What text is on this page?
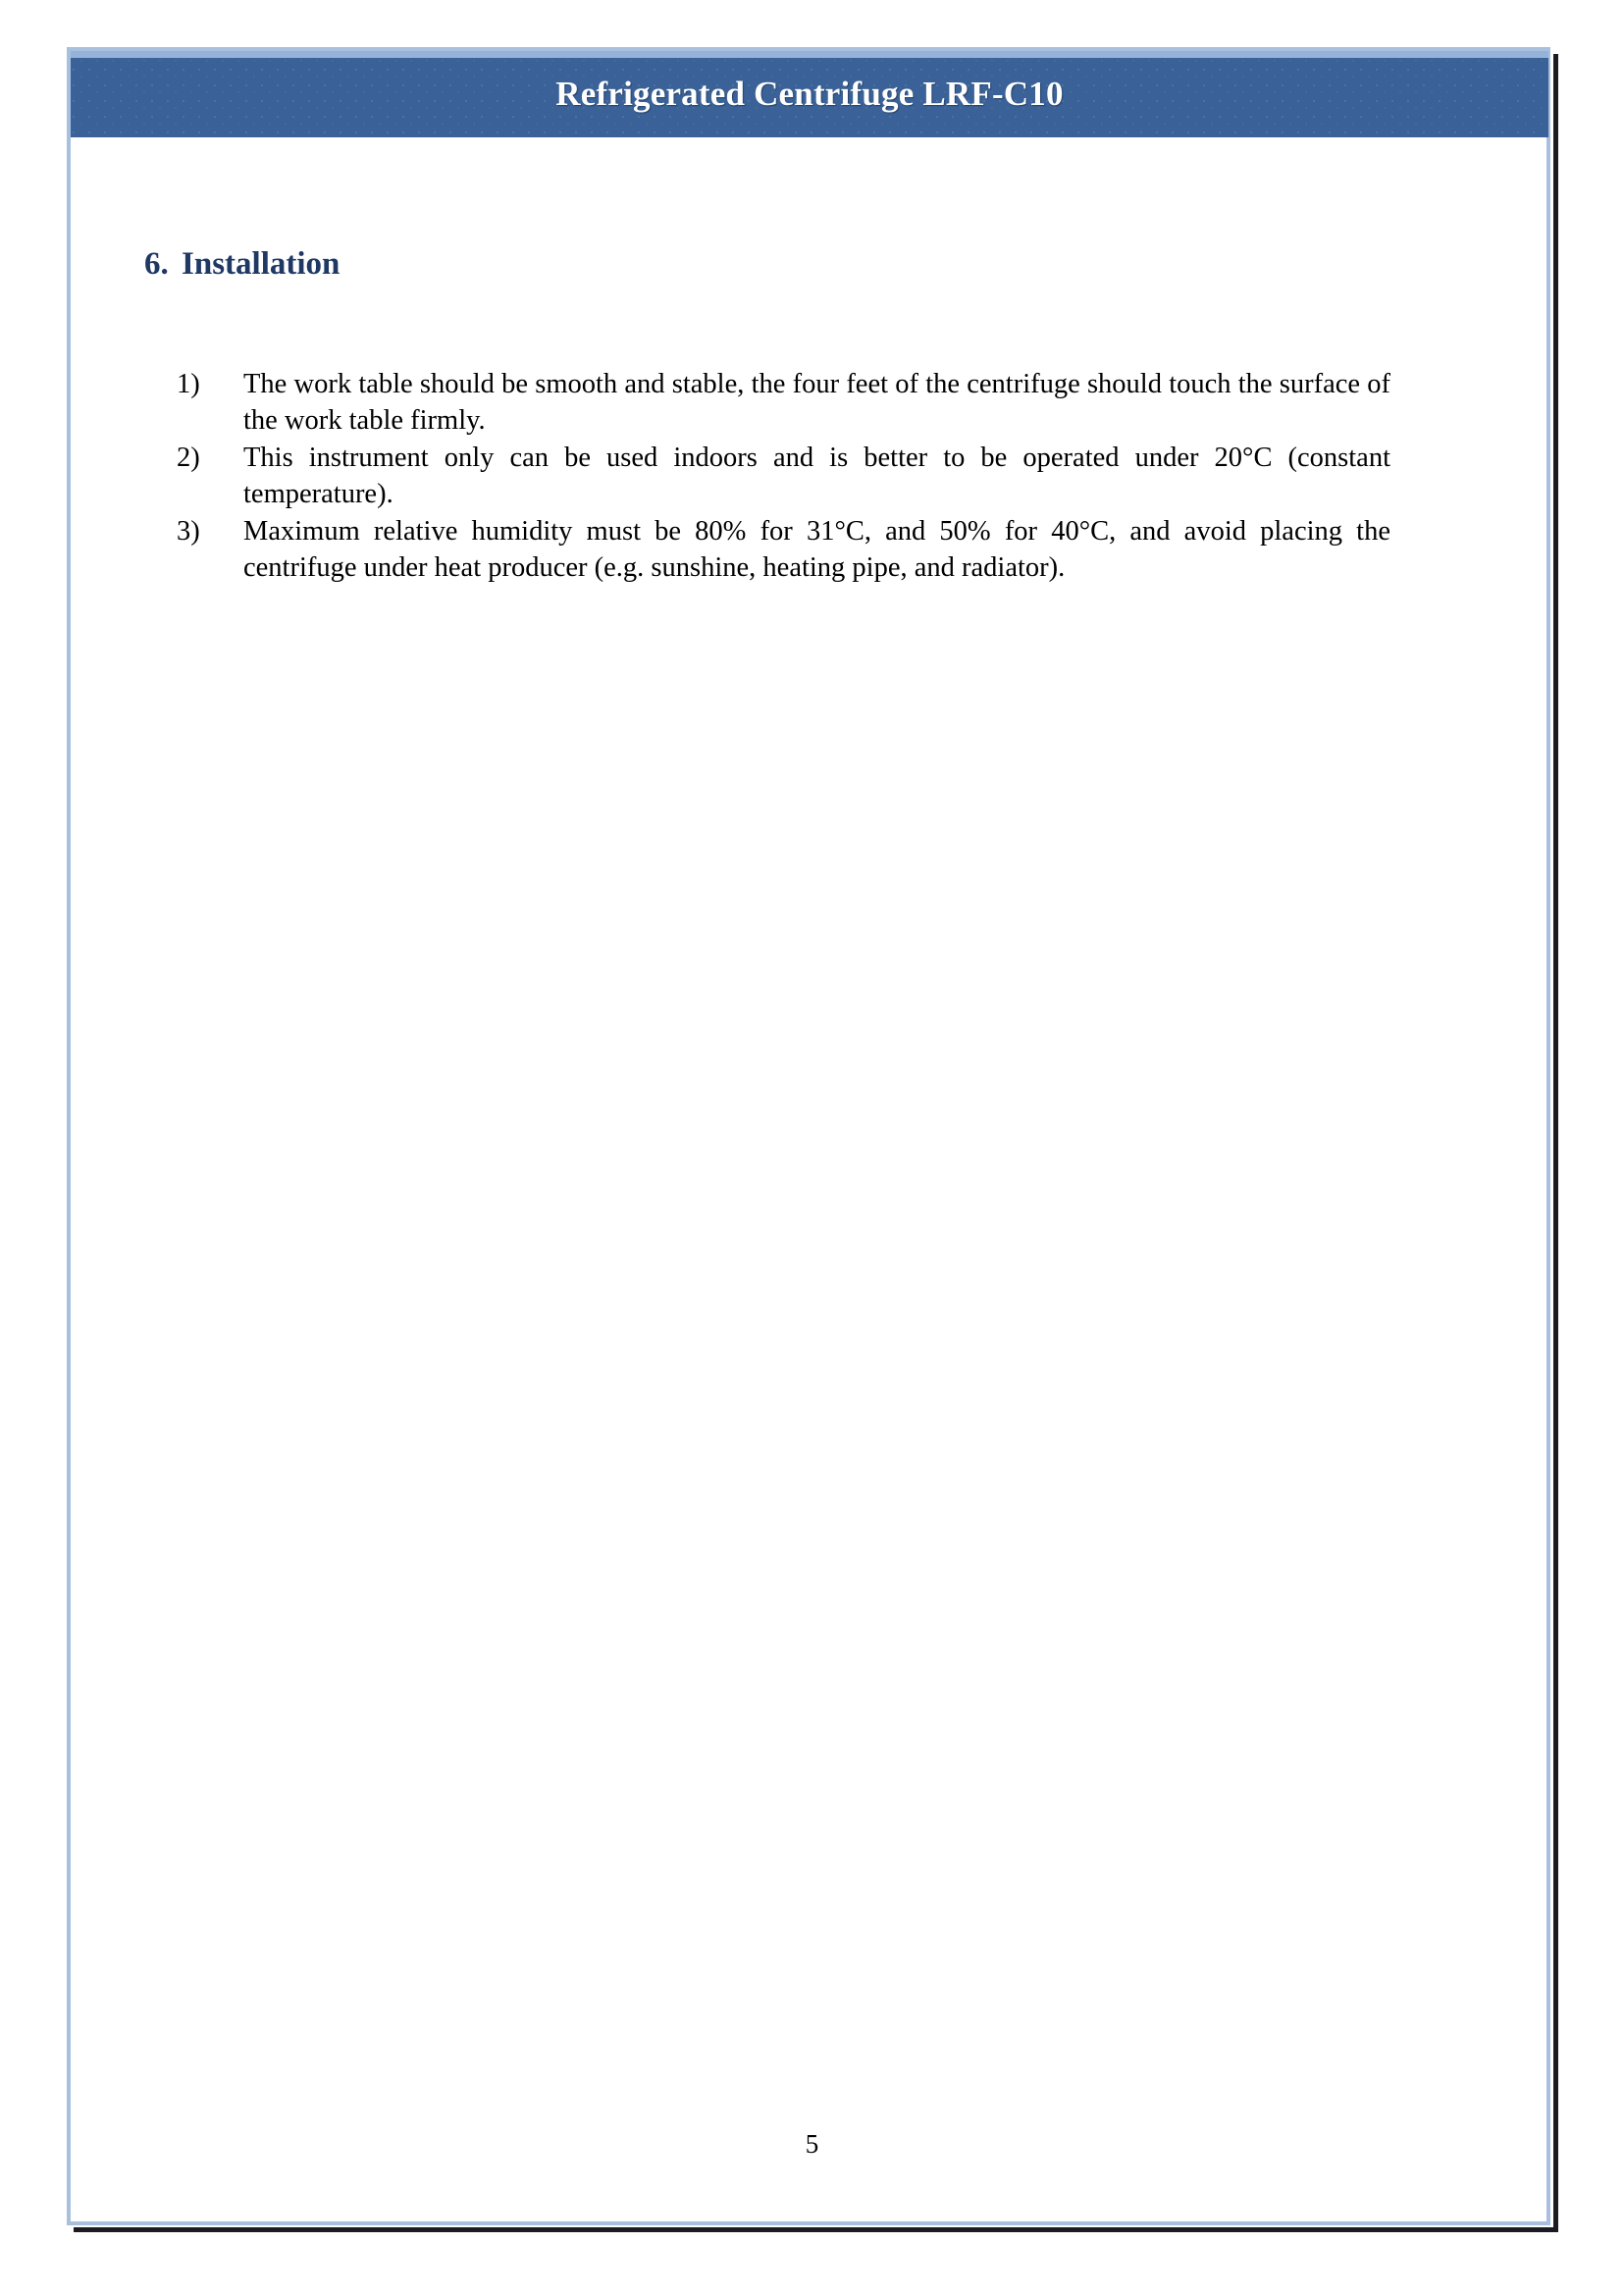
Refrigerated Centrifuge LRF-C10
6. Installation
1)	The work table should be smooth and stable, the four feet of the centrifuge should touch the surface of the work table firmly.
2)	This instrument only can be used indoors and is better to be operated under 20°C (constant temperature).
3)	Maximum relative humidity must be 80% for 31°C, and 50% for 40°C, and avoid placing the centrifuge under heat producer (e.g. sunshine, heating pipe, and radiator).
5
